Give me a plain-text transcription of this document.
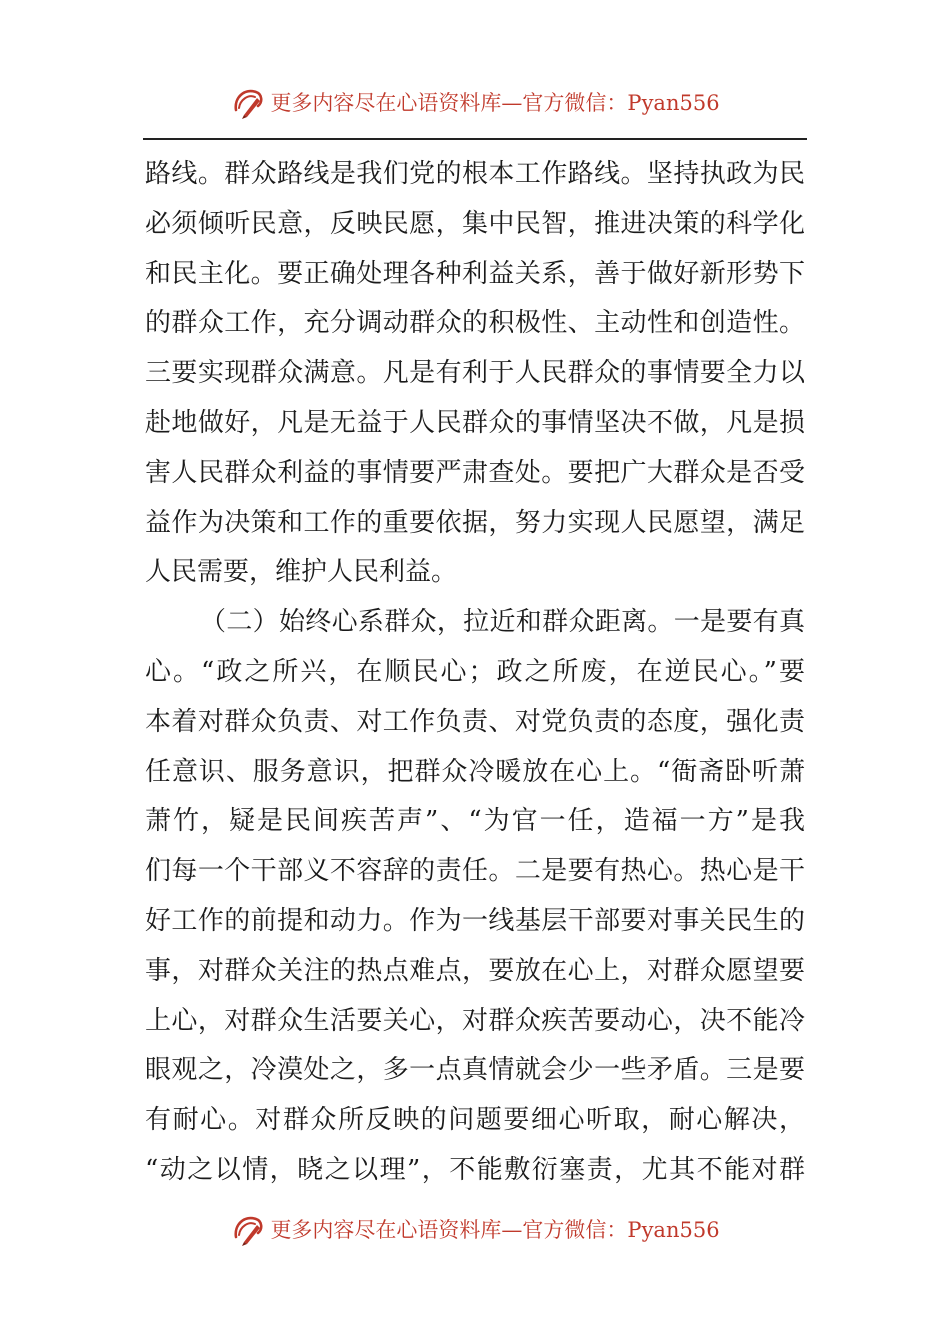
更多内容尽在心语资料库—官方微信：Pyan556
路线。群众路线是我们党的根本工作路线。坚持执政为民
必须倾听民意，反映民愿，集中民智，推进决策的科学化
和民主化。要正确处理各种利益关系，善于做好新形势下
的群众工作，充分调动群众的积极性、主动性和创造性。
三要实现群众满意。凡是有利于人民群众的事情要全力以
赴地做好，凡是无益于人民群众的事情坚决不做，凡是损
害人民群众利益的事情要严肃查处。要把广大群众是否受
益作为决策和工作的重要依据，努力实现人民愿望，满足
人民需要，维护人民利益。
（二）始终心系群众，拉近和群众距离。一是要有真
心。“政之所兴，在顺民心；政之所废，在逆民心。”要
本着对群众负责、对工作负责、对党负责的态度，强化责
任意识、服务意识，把群众冷暖放在心上。“衙斋卧听萧
萧竹，疑是民间疾苦声”、“为官一任，造福一方”是我
们每一个干部义不容辞的责任。二是要有热心。热心是干
好工作的前提和动力。作为一线基层干部要对事关民生的
事，对群众关注的热点难点，要放在心上，对群众愿望要
上心，对群众生活要关心，对群众疾苦要动心，决不能冷
眼观之，冷漠处之，多一点真情就会少一些矛盾。三是要
有耐心。对群众所反映的问题要细心听取，耐心解决，
“动之以情，晓之以理”，不能敷衍塞责，尤其不能对群
更多内容尽在心语资料库—官方微信：Pyan556
